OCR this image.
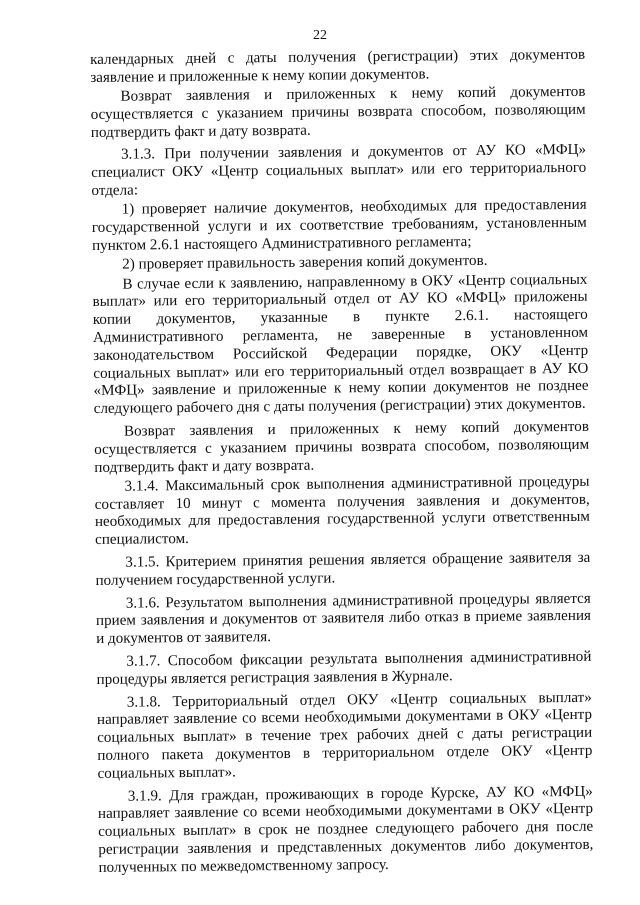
22

календарных дней с даты получения (регистрации) этих документов заявление и приложенные к нему копии документов.

Возврат заявления и приложенных к нему копий документов осуществляется с указанием причины возврата способом, позволяющим подтвердить факт и дату возврата.

3.1.3. При получении заявления и документов от АУ КО «МФЦ» специалист ОКУ «Центр социальных выплат» или его территориального отдела:

1) проверяет наличие документов, необходимых для предоставления государственной услуги и их соответствие требованиям, установленным пунктом 2.6.1 настоящего Административного регламента;

2) проверяет правильность заверения копий документов.

В случае если к заявлению, направленному в ОКУ «Центр социальных выплат» или его территориальный отдел от АУ КО «МФЦ» приложены копии документов, указанные в пункте 2.6.1. настоящего Административного регламента, не заверенные в установленном законодательством Российской Федерации порядке, ОКУ «Центр социальных выплат» или его территориальный отдел возвращает в АУ КО «МФЦ» заявление и приложенные к нему копии документов не позднее следующего рабочего дня с даты получения (регистрации) этих документов.

Возврат заявления и приложенных к нему копий документов осуществляется с указанием причины возврата способом, позволяющим подтвердить факт и дату возврата.

3.1.4. Максимальный срок выполнения административной процедуры составляет 10 минут с момента получения заявления и документов, необходимых для предоставления государственной услуги ответственным специалистом.

3.1.5. Критерием принятия решения является обращение заявителя за получением государственной услуги.

3.1.6. Результатом выполнения административной процедуры является прием заявления и документов от заявителя либо отказ в приеме заявления и документов от заявителя.

3.1.7. Способом фиксации результата выполнения административной процедуры является регистрация заявления в Журнале.

3.1.8. Территориальный отдел ОКУ «Центр социальных выплат» направляет заявление со всеми необходимыми документами в ОКУ «Центр социальных выплат» в течение трех рабочих дней с даты регистрации полного пакета документов в территориальном отделе ОКУ «Центр социальных выплат».

3.1.9. Для граждан, проживающих в городе Курске, АУ КО «МФЦ» направляет заявление со всеми необходимыми документами в ОКУ «Центр социальных выплат» в срок не позднее следующего рабочего дня после регистрации заявления и представленных документов либо документов, полученных по межведомственному запросу.
